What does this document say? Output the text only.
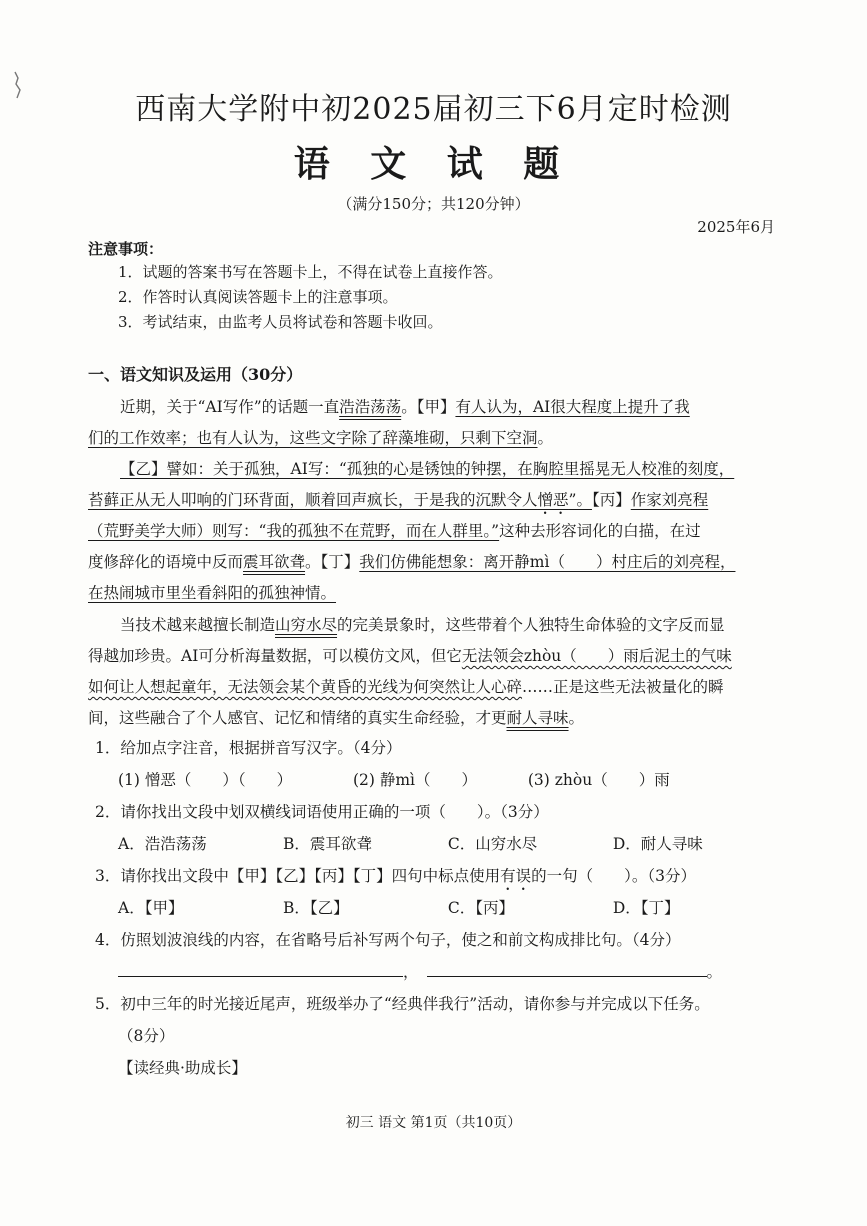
西南大学附中初2025届初三下6月定时检测
语 文 试 题
（满分150分；共120分钟）
2025年6月
注意事项：
1．试题的答案书写在答题卡上，不得在试卷上直接作答。
2．作答时认真阅读答题卡上的注意事项。
3．考试结束，由监考人员将试卷和答题卡收回。
一、语文知识及运用（30分）
近期，关于“AI写作”的话题一直浩浩荡荡。【甲】有人认为，AI很大程度上提升了我
们的工作效率；也有人认为，这些文字除了辞藻堆砌，只剩下空洞。
【乙】譬如：关于孤独，AI写：“孤独的心是锈蚀的钟摆，在胸腔里摇晃无人校准的刻度，
苔藓正从无人叩响的门环背面，顺着回声疯长，于是我的沉默令人憎恶”。【丙】作家刘亮程
（荒野美学大师）则写：“我的孤独不在荒野，而在人群里。”这种去形容词化的白描，在过
度修辞化的语境中反而震耳欲聋。【丁】我们仿佛能想象：离开静mì（　　）村庄后的刘亮程，
在热闹城市里坐看斜阳的孤独神情。
当技术越来越擅长制造山穷水尽的完美景象时，这些带着个人独特生命体验的文字反而显
得越加珍贵。AI可分析海量数据，可以模仿文风，但它无法领会zhòu（　　）雨后泥土的气味
如何让人想起童年，无法领会某个黄昏的光线为何突然让人心碎……正是这些无法被量化的瞬
间，这些融合了个人感官、记忆和情绪的真实生命经验，才更耐人寻味。
1．给加点字注音，根据拼音写汉字。（4分）
(1) 憎恶（　　）（　　）	(2) 静mì（　　）	(3) zhòu（　　）雨
2．请你找出文段中划双横线词语使用正确的一项（　　）。（3分）
A．浩浩荡荡	B．震耳欲聋	C．山穷水尽	D．耐人寻味
3．请你找出文段中【甲】【乙】【丙】【丁】四句中标点使用有误的一句（　　）。（3分）
A．【甲】	B．【乙】	C．【丙】	D．【丁】
4．仿照划波浪线的内容，在省略号后补写两个句子，使之和前文构成排比句。（4分）
，	。
5．初中三年的时光接近尾声，班级举办了“经典伴我行”活动，请你参与并完成以下任务。
（8分）
【读经典·助成长】
初三 语文 第1页（共10页）
